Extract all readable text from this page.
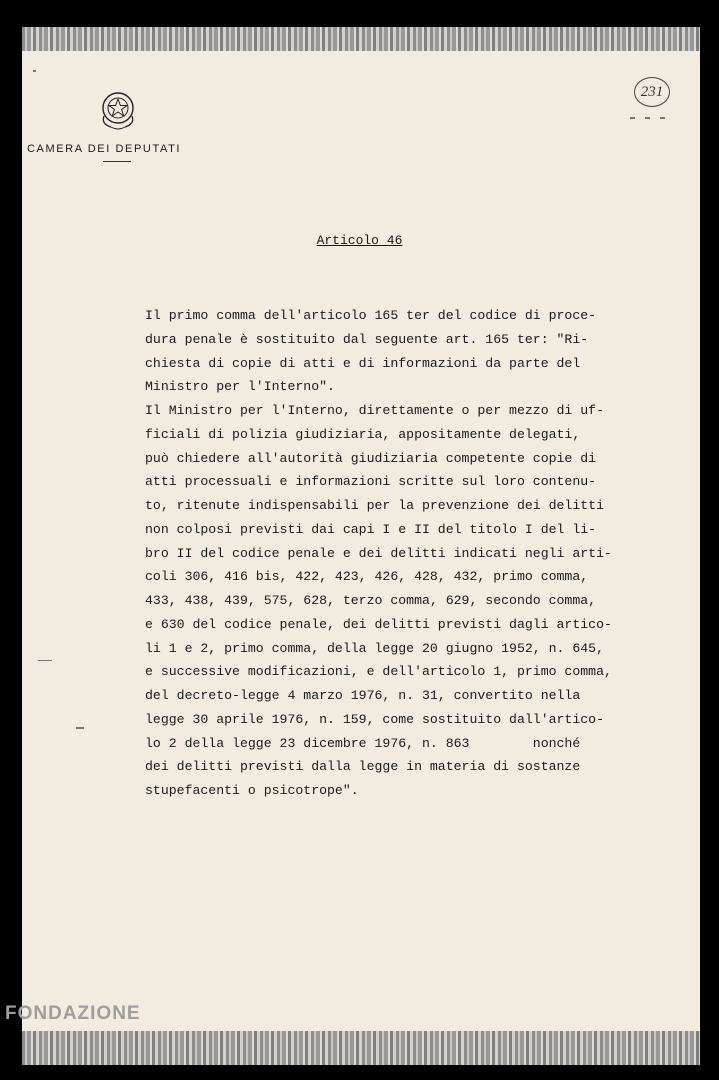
CAMERA DEI DEPUTATI
231
Articolo 46
Il primo comma dell'articolo 165 ter del codice di proce-
dura penale è sostituito dal seguente art. 165 ter: "Ri-
chiesta di copie di atti e di informazioni da parte del
Ministro per l'Interno".
Il Ministro per l'Interno, direttamente o per mezzo di uf-
ficiali di polizia giudiziaria, appositamente delegati,
può chiedere all'autorità giudiziaria competente copie di
atti processuali e informazioni scritte sul loro contenu-
to, ritenute indispensabili per la prevenzione dei delitti
non colposi previsti dai capi I e II del titolo I del li-
bro II del codice penale e dei delitti indicati negli arti-
coli 306, 416 bis, 422, 423, 426, 428, 432, primo comma,
433, 438, 439, 575, 628, terzo comma, 629, secondo comma,
e 630 del codice penale, dei delitti previsti dagli artico-
li 1 e 2, primo comma, della legge 20 giugno 1952, n. 645,
e successive modificazioni, e dell'articolo 1, primo comma,
del decreto-legge 4 marzo 1976, n. 31, convertito nella
legge 30 aprile 1976, n. 159, come sostituito dall'artico-
lo 2 della legge 23 dicembre 1976, n. 863        nonché
dei delitti previsti dalla legge in materia di sostanze
stupefacenti o psicotrope".
FONDAZIONE
